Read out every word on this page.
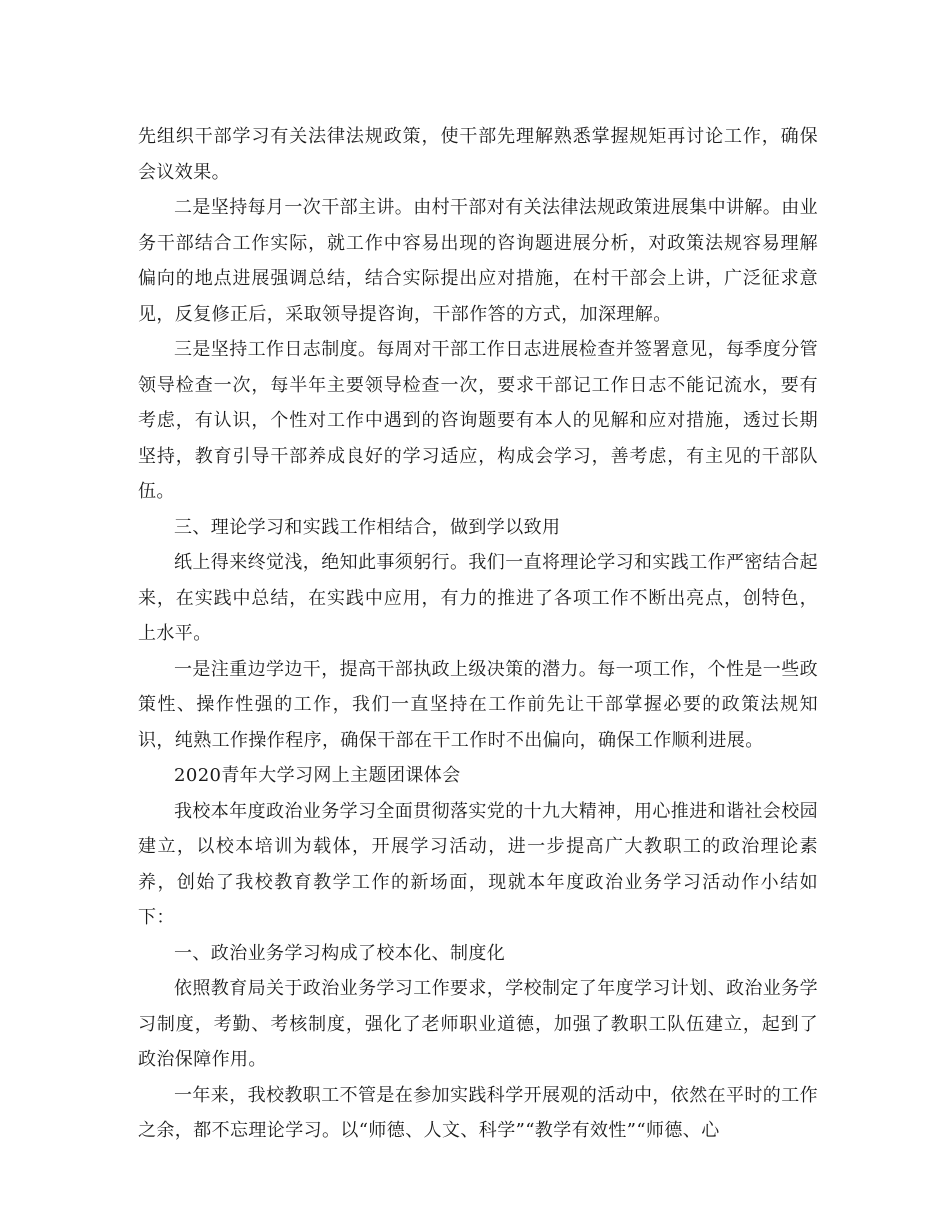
先组织干部学习有关法律法规政策，使干部先理解熟悉掌握规矩再讨论工作，确保会议效果。

二是坚持每月一次干部主讲。由村干部对有关法律法规政策进展集中讲解。由业务干部结合工作实际，就工作中容易出现的咨询题进展分析，对政策法规容易理解偏向的地点进展强调总结，结合实际提出应对措施，在村干部会上讲，广泛征求意见，反复修正后，采取领导提咨询，干部作答的方式，加深理解。

三是坚持工作日志制度。每周对干部工作日志进展检查并签署意见，每季度分管领导检查一次，每半年主要领导检查一次，要求干部记工作日志不能记流水，要有考虑，有认识，个性对工作中遇到的咨询题要有本人的见解和应对措施，透过长期坚持，教育引导干部养成良好的学习适应，构成会学习，善考虑，有主见的干部队伍。

三、理论学习和实践工作相结合，做到学以致用

纸上得来终觉浅，绝知此事须躬行。我们一直将理论学习和实践工作严密结合起来，在实践中总结，在实践中应用，有力的推进了各项工作不断出亮点，创特色，上水平。

一是注重边学边干，提高干部执政上级决策的潜力。每一项工作，个性是一些政策性、操作性强的工作，我们一直坚持在工作前先让干部掌握必要的政策法规知识，纯熟工作操作程序，确保干部在干工作时不出偏向，确保工作顺利进展。

2020青年大学习网上主题团课体会

我校本年度政治业务学习全面贯彻落实党的十九大精神，用心推进和谐社会校园建立，以校本培训为载体，开展学习活动，进一步提高广大教职工的政治理论素养，创始了我校教育教学工作的新场面，现就本年度政治业务学习活动作小结如下：

一、政治业务学习构成了校本化、制度化

依照教育局关于政治业务学习工作要求，学校制定了年度学习计划、政治业务学习制度，考勤、考核制度，强化了老师职业道德，加强了教职工队伍建立，起到了政治保障作用。

一年来，我校教职工不管是在参加实践科学开展观的活动中，依然在平时的工作之余，都不忘理论学习。以“师德、人文、科学”“教学有效性”“师德、心
